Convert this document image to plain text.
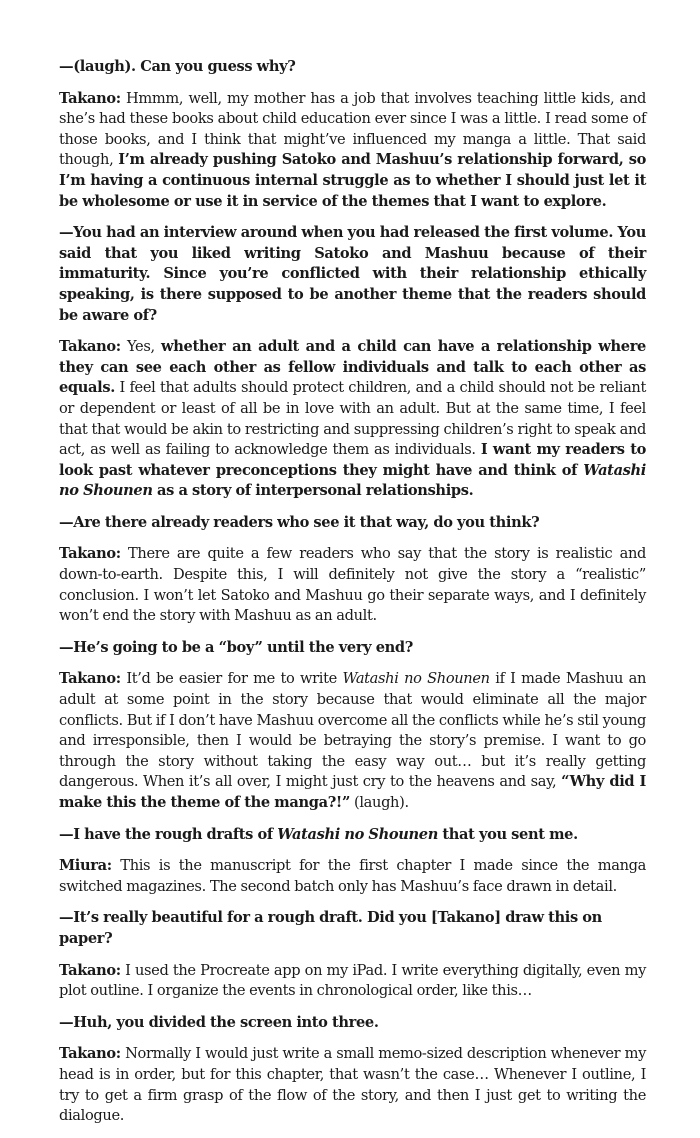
—(laugh). Can you guess why?

Takano: Hmmm, well, my mother has a job that involves teaching little kids, and she’s had these books about child education ever since I was a little. I read some of those books, and I think that might’ve influenced my manga a little. That said though, I’m already pushing Satoko and Mashuu’s relationship forward, so I’m having a continuous internal struggle as to whether I should just let it be wholesome or use it in service of the themes that I want to explore.

—You had an interview around when you had released the first volume. You said that you liked writing Satoko and Mashuu because of their immaturity. Since you’re conflicted with their relationship ethically speaking, is there supposed to be another theme that the readers should be aware of?

Takano: Yes, whether an adult and a child can have a relationship where they can see each other as fellow individuals and talk to each other as equals. I feel that adults should protect children, and a child should not be reliant or dependent or least of all be in love with an adult. But at the same time, I feel that that would be akin to restricting and suppressing children’s right to speak and act, as well as failing to acknowledge them as individuals. I want my readers to look past whatever preconceptions they might have and think of Watashi no Shounen as a story of interpersonal relationships.

—Are there already readers who see it that way, do you think?

Takano: There are quite a few readers who say that the story is realistic and down-to-earth. Despite this, I will definitely not give the story a “realistic” conclusion. I won’t let Satoko and Mashuu go their separate ways, and I definitely won’t end the story with Mashuu as an adult.

—He’s going to be a “boy” until the very end?

Takano: It’d be easier for me to write Watashi no Shounen if I made Mashuu an adult at some point in the story because that would eliminate all the major conflicts. But if I don’t have Mashuu overcome all the conflicts while he’s stil young and irresponsible, then I would be betraying the story’s premise. I want to go through the story without taking the easy way out… but it’s really getting dangerous. When it’s all over, I might just cry to the heavens and say, “Why did I make this the theme of the manga?!” (laugh).

—I have the rough drafts of Watashi no Shounen that you sent me.

Miura: This is the manuscript for the first chapter I made since the manga switched magazines. The second batch only has Mashuu’s face drawn in detail.

—It’s really beautiful for a rough draft. Did you [Takano] draw this on paper?

Takano: I used the Procreate app on my iPad. I write everything digitally, even my plot outline. I organize the events in chronological order, like this…

—Huh, you divided the screen into three.

Takano: Normally I would just write a small memo-sized description whenever my head is in order, but for this chapter, that wasn’t the case… Whenever I outline, I try to get a firm grasp of the flow of the story, and then I just get to writing the dialogue.
